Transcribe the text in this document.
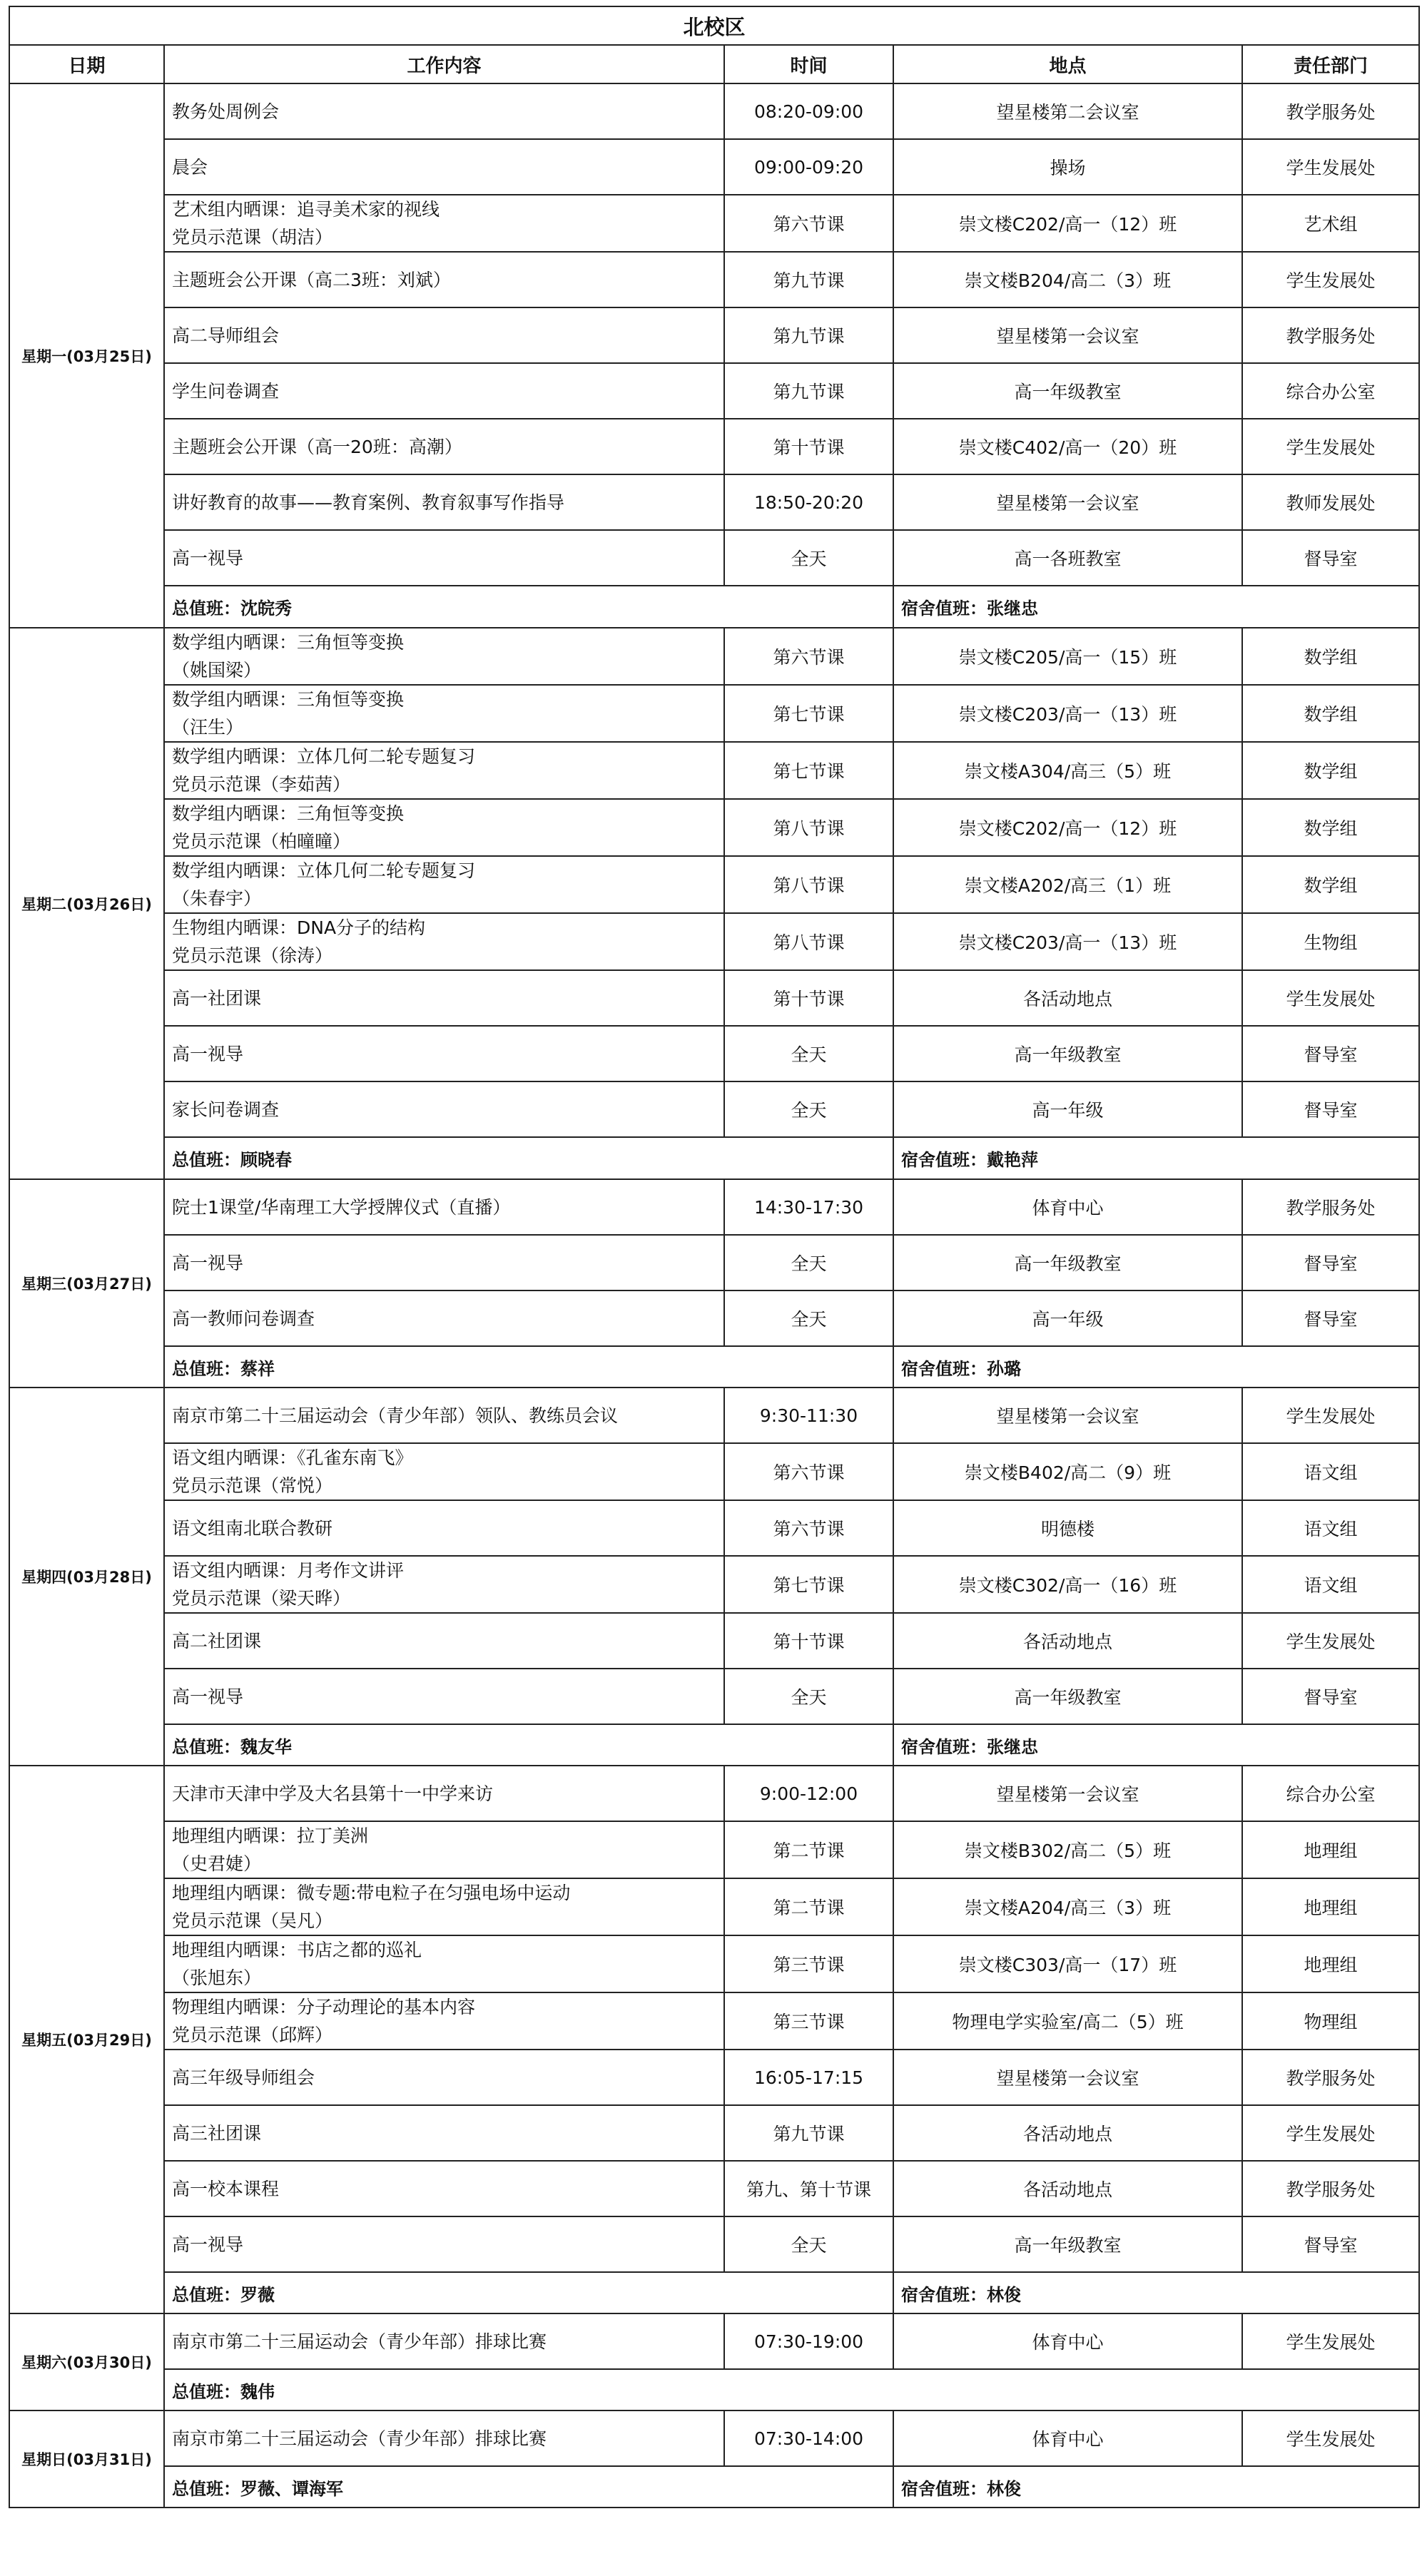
北校区				
日期	工作内容	时间	地点	责任部门
星期一(03月25日)	教务处周例会	08:20-09:00	望星楼第二会议室	教学服务处

	晨会	09:00-09:20	操场	学生发展处

	艺术组内晒课：追寻美术家的视线
党员示范课（胡洁）	第六节课	崇文楼C202/高一（12）班	艺术组

	主题班会公开课（高二3班：刘斌）	第九节课	崇文楼B204/高二（3）班	学生发展处

	高二导师组会	第九节课	望星楼第一会议室	教学服务处

	学生问卷调查	第九节课	高一年级教室	综合办公室

	主题班会公开课（高一20班：高潮）	第十节课	崇文楼C402/高一（20）班	学生发展处

	讲好教育的故事——教育案例、教育叙事写作指导	18:50-20:20	望星楼第一会议室	教师发展处

	高一视导	全天	高一各班教室	督导室
	总值班：沈皖秀		宿舍值班：张继忠	
星期二(03月26日)	数学组内晒课：三角恒等变换
（姚国梁）	第六节课	崇文楼C205/高一（15）班	数学组

	数学组内晒课：三角恒等变换
（汪生）	第七节课	崇文楼C203/高一（13）班	数学组

	数学组内晒课：立体几何二轮专题复习
党员示范课（李茹茜）	第七节课	崇文楼A304/高三（5）班	数学组

	数学组内晒课：三角恒等变换
党员示范课（柏曈曈）	第八节课	崇文楼C202/高一（12）班	数学组

	数学组内晒课：立体几何二轮专题复习
（朱春宇）	第八节课	崇文楼A202/高三（1）班	数学组

	生物组内晒课：DNA分子的结构
党员示范课（徐涛）	第八节课	崇文楼C203/高一（13）班	生物组

	高一社团课	第十节课	各活动地点	学生发展处

	高一视导	全天	高一年级教室	督导室

	家长问卷调查	全天	高一年级	督导室
	总值班：顾晓春		宿舍值班：戴艳萍	
星期三(03月27日)	院士1课堂/华南理工大学授牌仪式（直播）	14:30-17:30	体育中心	教学服务处

	高一视导	全天	高一年级教室	督导室

	高一教师问卷调查	全天	高一年级	督导室
	总值班：蔡祥		宿舍值班：孙璐	
星期四(03月28日)	南京市第二十三届运动会（青少年部）领队、教练员会议	9:30-11:30	望星楼第一会议室	学生发展处

	语文组内晒课：《孔雀东南飞》
党员示范课（常悦）	第六节课	崇文楼B402/高二（9）班	语文组

	语文组南北联合教研	第六节课	明德楼	语文组

	语文组内晒课：月考作文讲评
党员示范课（梁天晔）	第七节课	崇文楼C302/高一（16）班	语文组

	高二社团课	第十节课	各活动地点	学生发展处

	高一视导	全天	高一年级教室	督导室
	总值班：魏友华		宿舍值班：张继忠	
星期五(03月29日)	天津市天津中学及大名县第十一中学来访	9:00-12:00	望星楼第一会议室	综合办公室

	地理组内晒课：拉丁美洲
（史君婕）	第二节课	崇文楼B302/高二（5）班	地理组

	地理组内晒课：微专题:带电粒子在匀强电场中运动
党员示范课（吴凡）	第二节课	崇文楼A204/高三（3）班	地理组

	地理组内晒课：书店之都的巡礼
（张旭东）	第三节课	崇文楼C303/高一（17）班	地理组

	物理组内晒课：分子动理论的基本内容
党员示范课（邱辉）	第三节课	物理电学实验室/高二（5）班	物理组

	高三年级导师组会	16:05-17:15	望星楼第一会议室	教学服务处

	高三社团课	第九节课	各活动地点	学生发展处

	高一校本课程	第九、第十节课	各活动地点	教学服务处

	高一视导	全天	高一年级教室	督导室
	总值班：罗薇		宿舍值班：林俊	
星期六(03月30日)	南京市第二十三届运动会（青少年部）排球比赛	07:30-19:00	体育中心	学生发展处
	总值班：魏伟			
星期日(03月31日)	南京市第二十三届运动会（青少年部）排球比赛	07:30-14:00	体育中心	学生发展处
	总值班：罗薇、谭海军		宿舍值班：林俊	
